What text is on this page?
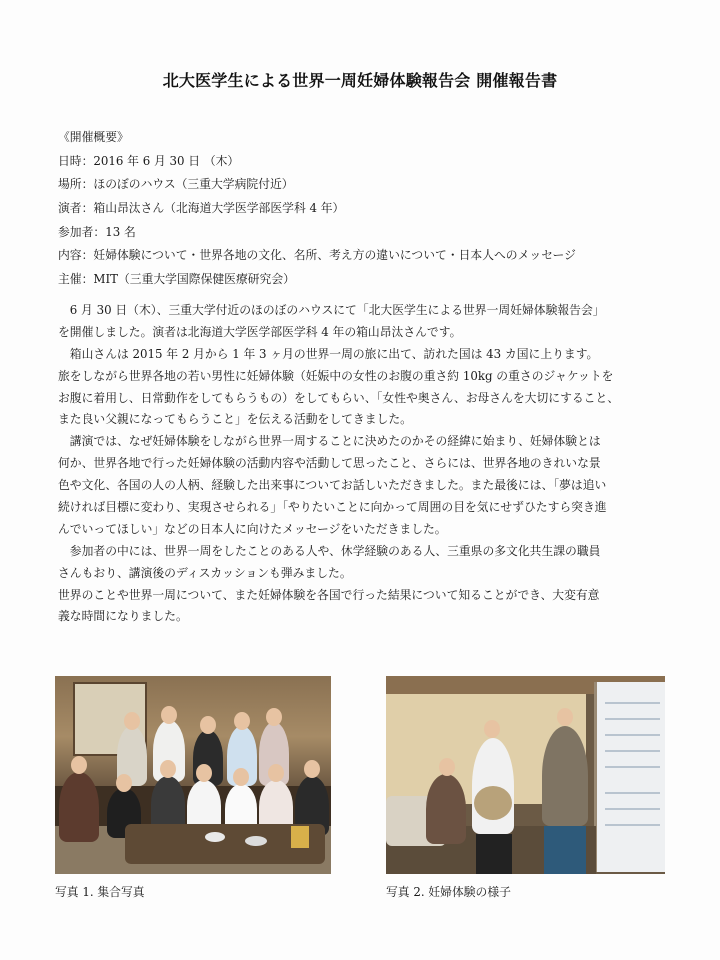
北大医学生による世界一周妊婦体験報告会 開催報告書
《開催概要》
日時：2016 年 6 月 30 日 （木）
場所：ほのぼのハウス（三重大学病院付近）
演者：箱山昂汰さん（北海道大学医学部医学科 4 年）
参加者：13 名
内容：妊婦体験について・世界各地の文化、名所、考え方の違いについて・日本人へのメッセージ
主催：MIT（三重大学国際保健医療研究会）
　6 月 30 日（木）、三重大学付近のほのぼのハウスにて「北大医学生による世界一周妊婦体験報告会」
を開催しました。演者は北海道大学医学部医学科 4 年の箱山昂汰さんです。
　箱山さんは 2015 年 2 月から 1 年 3 ヶ月の世界一周の旅に出て、訪れた国は 43 カ国に上ります。
旅をしながら世界各地の若い男性に妊婦体験（妊娠中の女性のお腹の重さ約 10kg の重さのジャケットを
お腹に着用し、日常動作をしてもらうもの）をしてもらい、「女性や奥さん、お母さんを大切にすること、
また良い父親になってもらうこと」を伝える活動をしてきました。
　講演では、なぜ妊婦体験をしながら世界一周することに決めたのかその経緯に始まり、妊婦体験とは
何か、世界各地で行った妊婦体験の活動内容や活動して思ったこと、さらには、世界各地のきれいな景
色や文化、各国の人の人柄、経験した出来事についてお話しいただきました。また最後には、「夢は追い
続ければ目標に変わり、実現させられる」「やりたいことに向かって周囲の目を気にせずひたすら突き進
んでいってほしい」などの日本人に向けたメッセージをいただきました。
　参加者の中には、世界一周をしたことのある人や、休学経験のある人、三重県の多文化共生課の職員
さんもおり、講演後のディスカッションも弾みました。
世界のことや世界一周について、また妊婦体験を各国で行った結果について知ることができ、大変有意
義な時間になりました。
写真 1. 集合写真	写真 2. 妊婦体験の様子
